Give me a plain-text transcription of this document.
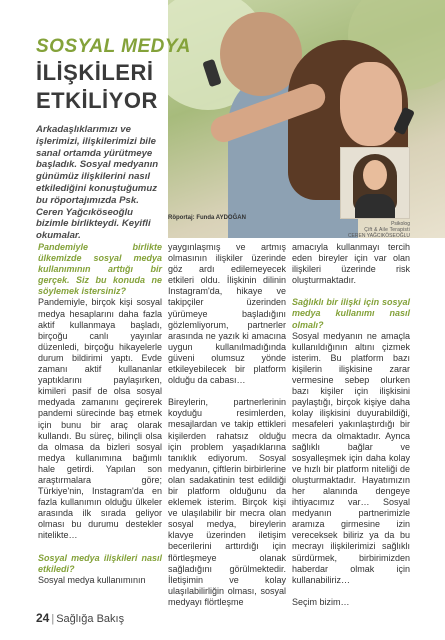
SOSYAL MEDYA
İLİŞKİLERİ
ETKİLİYOR
Arkadaşlıklarımızı ve işlerimizi, ilişkilerimizi bile sanal ortamda yürütmeye başladık. Sosyal medyanın günümüz ilişkilerini nasıl etkilediğini konuştuğumuz bu röportajımızda Psk. Ceren Yağcıköseoğlu bizimle birlikteydi. Keyifli okumalar.
Röportaj: Funda AYDOĞAN
Psikolog
Çift & Aile Terapisti
CEREN YAĞCIKÖSEOĞLU

Pandemiyle birlikte ülkemizde sosyal medya kullanımının arttığı bir gerçek. Siz bu konuda ne söylemek istersiniz?

Pandemiyle, birçok kişi sosyal medya hesaplarını daha fazla aktif kullanmaya başladı, birçoğu canlı yayınlar düzenledi, birçoğu hikayelerle durum bildirimi yaptı. Evde zamanı aktif kullananlar yaptıklarını paylaşırken, kimileri pasif de olsa sosyal medyada zamanını geçirerek pandemi sürecinde baş etmek için bunu bir araç olarak kullandı. Bu süreç, bilinçli olsa da olmasa da bizleri sosyal medya kullanımına bağımlı hale getirdi. Yapılan son araştırmalara göre; Türkiye'nin, Instagram'da en fazla kullanımın olduğu ülkeler arasında ilk sırada geliyor olması bu durumu destekler nitelikte…

Sosyal medya ilişkileri nasıl etkiledi?

Sosyal medya kullanımının

yaygınlaşmış ve artmış olmasının ilişkiler üzerinde göz ardı edilemeyecek etkileri oldu. İlişkinin dilinin Instagram'da, hikaye ve takipçiler üzerinden yürümeye başladığını gözlemliyorum, partnerler arasında ne yazık ki amacına uygun kullanılmadığında güveni olumsuz yönde etkileyebilecek bir platform olduğu da cabası…

Bireylerin, partnerlerinin koyduğu resimlerden, mesajlardan ve takip ettikleri kişilerden rahatsız olduğu için problem yaşadıklarına tanıklık ediyorum. Sosyal medyanın, çiftlerin birbirlerine olan sadakatinin test edildiği bir platform olduğunu da eklemek isterim. Birçok kişi ve ulaşılabilir bir mecra olan sosyal medya, bireylerin klavye üzerinden iletişim becerilerini arttırdığı için flörtleşmeye olanak sağladığını görülmektedir. İletişimin ve kolay ulaşılabilirliğin olması, sosyal medyayı flörtleşme

amacıyla kullanmayı tercih eden bireyler için var olan ilişkileri üzerinde risk oluşturmaktadır.

Sağlıklı bir ilişki için sosyal medya kullanımı nasıl olmalı?

Sosyal medyanın ne amaçla kullanıldığının altını çizmek isterim. Bu platform bazı kişilerin ilişkisine zarar vermesine sebep olurken bazı kişiler için ilişkisini paylaştığı, birçok kişiye daha kolay ilişkisini duyurabildiği, mesafeleri yakınlaştırdığı bir mecra da olmaktadır. Aynca sağlıklı bağlar ve sosyalleşmek için daha kolay ve hızlı bir platform niteliği de oluşturmaktadır. Hayatımızın her alanında dengeye ihtiyacımız var… Sosyal medyanın partnerimizle aramıza girmesine izin vereceksek biliriz ya da bu mecrayı ilişkilerimizi sağlıklı sürdürmek, birbirimizden haberdar olmak için kullanabiliriz…

Seçim bizim…

24 | Sağlığa Bakış
